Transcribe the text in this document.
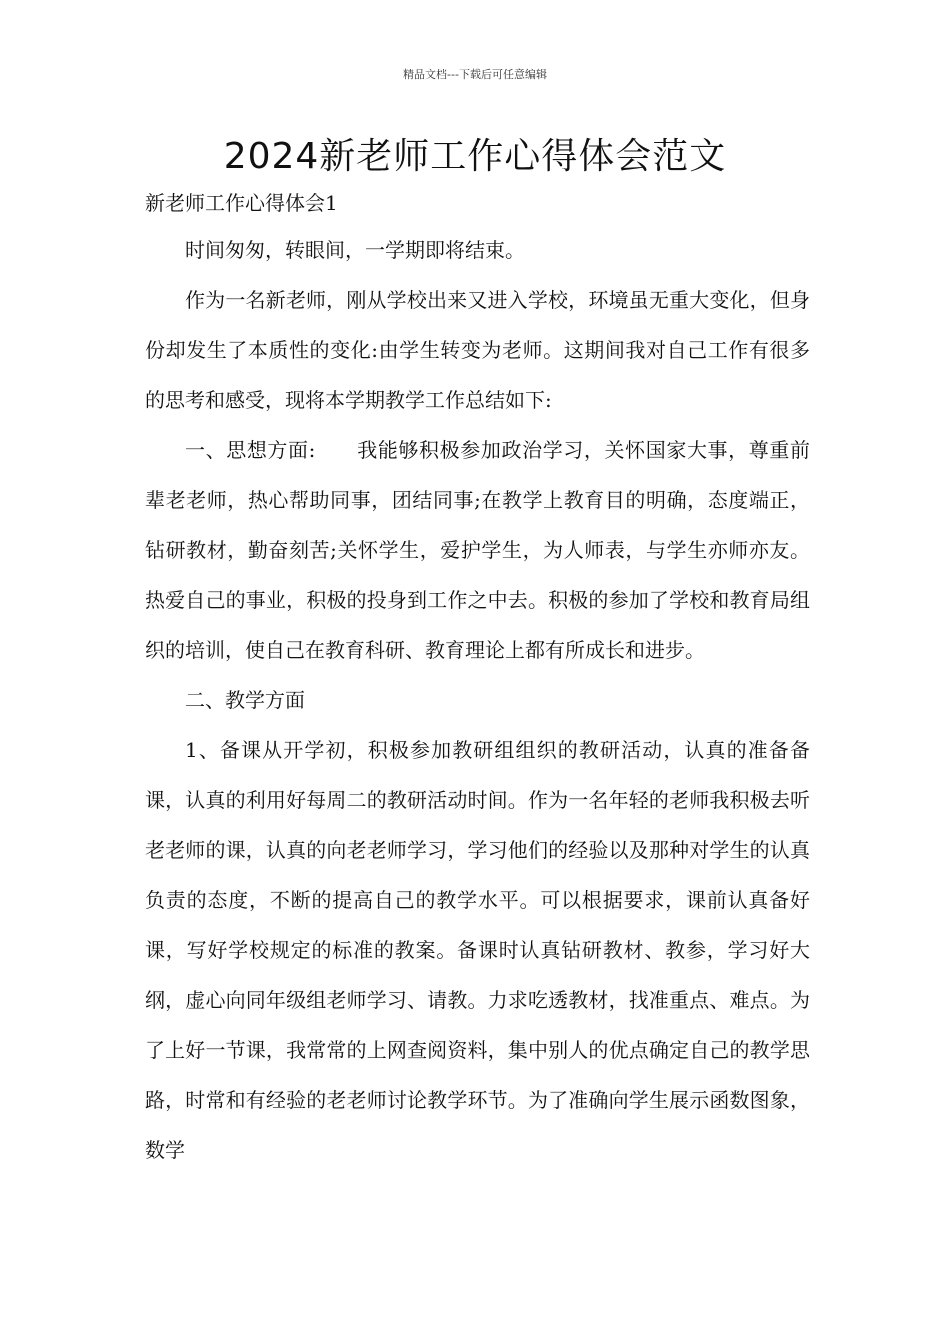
精品文档---下载后可任意编辑
2024新老师工作心得体会范文
新老师工作心得体会1

时间匆匆，转眼间，一学期即将结束。

作为一名新老师，刚从学校出来又进入学校，环境虽无重大变化，但身份却发生了本质性的变化:由学生转变为老师。这期间我对自己工作有很多的思考和感受，现将本学期教学工作总结如下:

一、思想方面:　　我能够积极参加政治学习，关怀国家大事，尊重前辈老老师，热心帮助同事，团结同事;在教学上教育目的明确，态度端正，钻研教材，勤奋刻苦;关怀学生，爱护学生，为人师表，与学生亦师亦友。热爱自己的事业，积极的投身到工作之中去。积极的参加了学校和教育局组织的培训，使自己在教育科研、教育理论上都有所成长和进步。

二、教学方面

1、备课从开学初，积极参加教研组组织的教研活动，认真的准备备课，认真的利用好每周二的教研活动时间。作为一名年轻的老师我积极去听老老师的课，认真的向老老师学习，学习他们的经验以及那种对学生的认真负责的态度，不断的提高自己的教学水平。可以根据要求，课前认真备好课，写好学校规定的标准的教案。备课时认真钻研教材、教参，学习好大纲，虚心向同年级组老师学习、请教。力求吃透教材，找准重点、难点。为了上好一节课，我常常的上网查阅资料，集中别人的优点确定自己的教学思路，时常和有经验的老老师讨论教学环节。为了准确向学生展示函数图象，数学
